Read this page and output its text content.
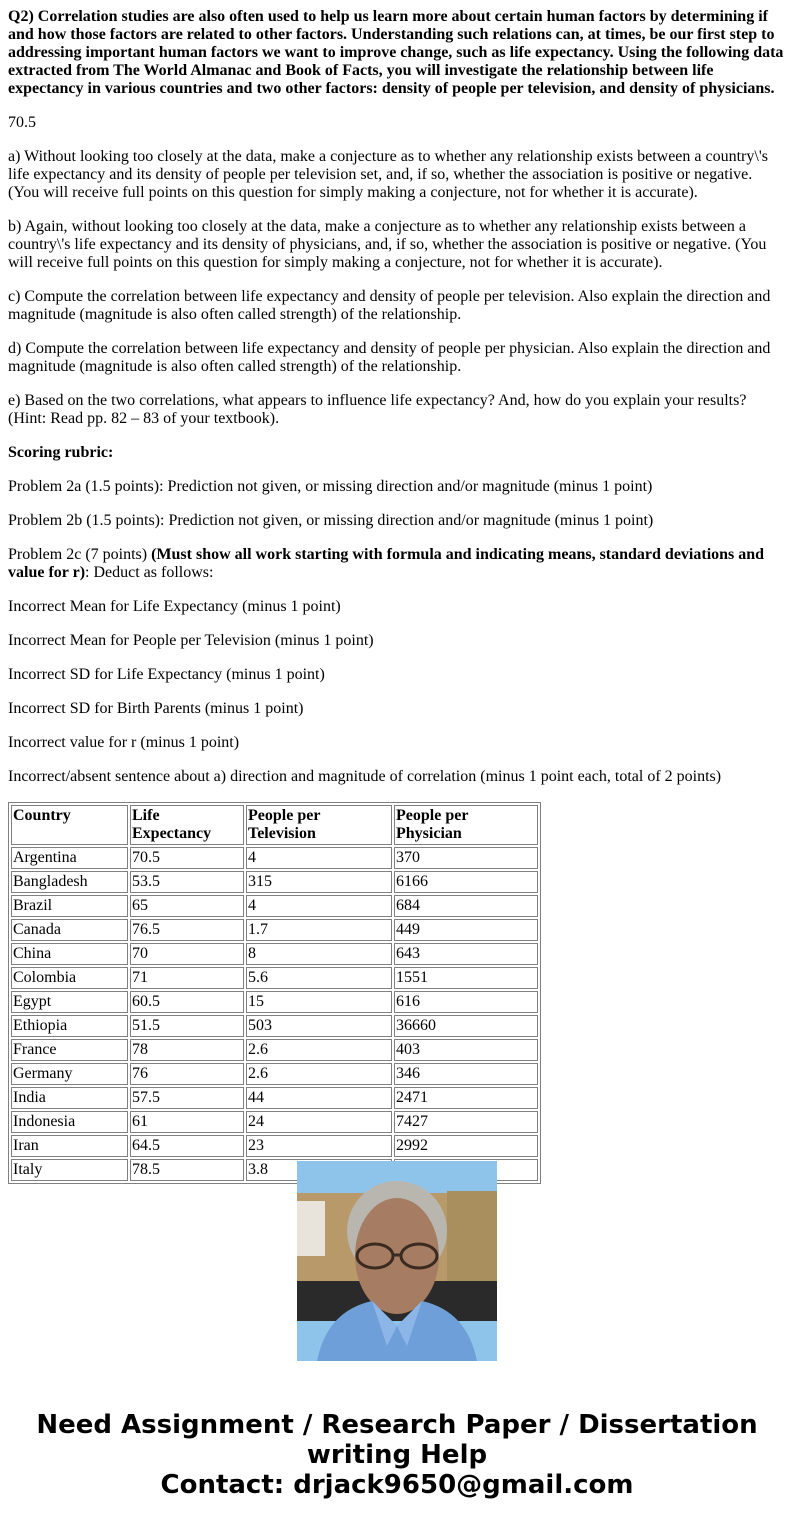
Q2) Correlation studies are also often used to help us learn more about certain human factors by determining if and how those factors are related to other factors. Understanding such relations can, at times, be our first step to addressing important human factors we want to improve change, such as life expectancy. Using the following data extracted from The World Almanac and Book of Facts, you will investigate the relationship between life expectancy in various countries and two other factors: density of people per television, and density of physicians.

70.5

a) Without looking too closely at the data, make a conjecture as to whether any relationship exists between a country\'s life expectancy and its density of people per television set, and, if so, whether the association is positive or negative. (You will receive full points on this question for simply making a conjecture, not for whether it is accurate).

b) Again, without looking too closely at the data, make a conjecture as to whether any relationship exists between a country\'s life expectancy and its density of physicians, and, if so, whether the association is positive or negative. (You will receive full points on this question for simply making a conjecture, not for whether it is accurate).

c) Compute the correlation between life expectancy and density of people per television. Also explain the direction and magnitude (magnitude is also often called strength) of the relationship.

d) Compute the correlation between life expectancy and density of people per physician. Also explain the direction and magnitude (magnitude is also often called strength) of the relationship.

e) Based on the two correlations, what appears to influence life expectancy? And, how do you explain your results? (Hint: Read pp. 82 – 83 of your textbook).

Scoring rubric:

Problem 2a (1.5 points): Prediction not given, or missing direction and/or magnitude (minus 1 point)

Problem 2b (1.5 points): Prediction not given, or missing direction and/or magnitude (minus 1 point)

Problem 2c (7 points) (Must show all work starting with formula and indicating means, standard deviations and value for r): Deduct as follows:

Incorrect Mean for Life Expectancy (minus 1 point)

Incorrect Mean for People per Television (minus 1 point)

Incorrect SD for Life Expectancy (minus 1 point)

Incorrect SD for Birth Parents (minus 1 point)

Incorrect value for r (minus 1 point)

Incorrect/absent sentence about a) direction and magnitude of correlation (minus 1 point each, total of 2 points)

Country	Life Expectancy	People per Television	People per Physician
Argentina	70.5	4	370
Bangladesh	53.5	315	6166
Brazil	65	4	684
Canada	76.5	1.7	449
China	70	8	643
Colombia	71	5.6	1551
Egypt	60.5	15	616
Ethiopia	51.5	503	36660
France	78	2.6	403
Germany	76	2.6	346
India	57.5	44	2471
Indonesia	61	24	7427
Iran	64.5	23	2992
Italy	78.5	3.8	
Need Assignment / Research Paper / Dissertation
writing Help
Contact: drjack9650@gmail.com
